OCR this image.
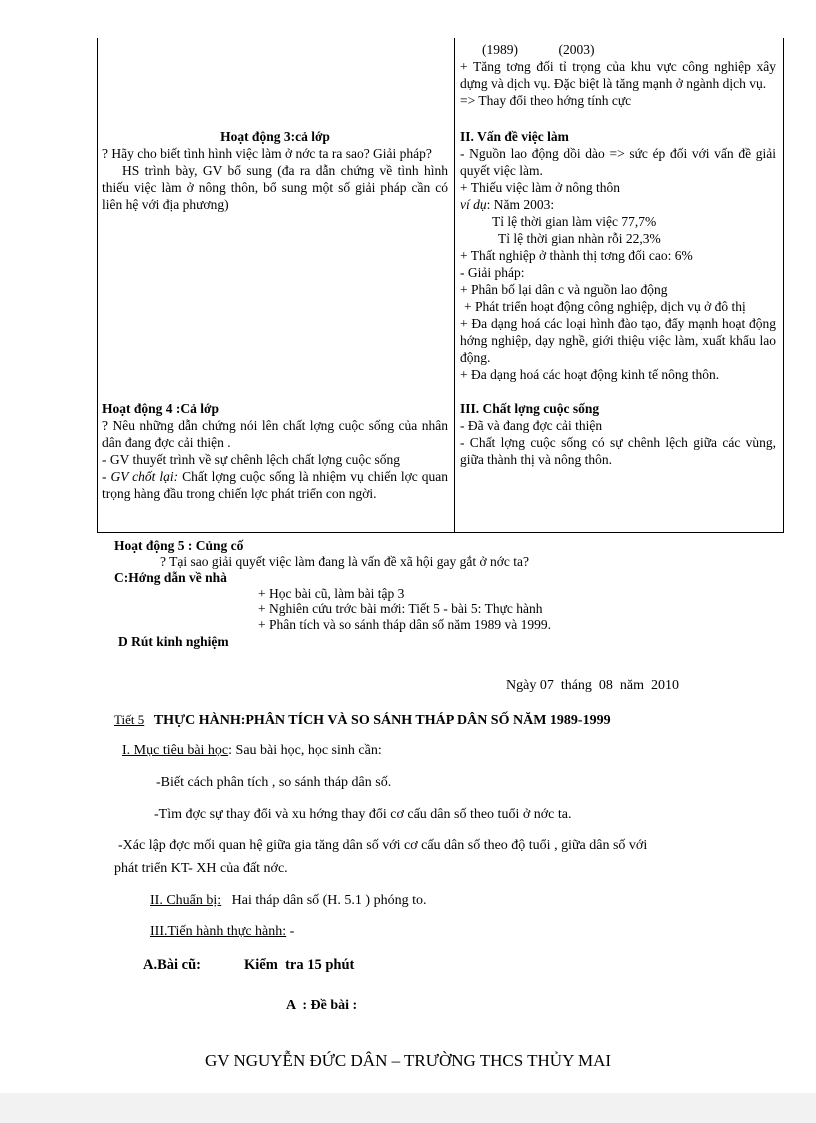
(1989)            (2003)
+ Tăng tơng đối tỉ trọng của khu vực công nghiệp xây dựng và dịch vụ. Đặc biệt là tăng mạnh ở ngành dịch vụ.
=> Thay đổi theo hớng tính cực
Hoạt động 3:cả lớp
? Hãy cho biết tình hình việc làm ở nớc ta ra sao? Giải pháp?
HS trình bày, GV bổ sung (đa ra dẫn chứng về tình hình thiếu việc làm ở nông thôn, bổ sung một số giải pháp cần có liên hệ với địa phương)
II. Vấn đề việc làm
- Nguồn lao động dồi dào => sức ép đối với vấn đề giải quyết việc làm.
+ Thiếu việc làm ở nông thôn
ví dụ: Năm 2003:
Tỉ lệ thời gian làm việc 77,7%
Tỉ lệ thời gian nhàn rỗi 22,3%
+ Thất nghiệp ở thành thị tơng đối cao: 6%
- Giải pháp:
+ Phân bố lại dân c và nguồn lao động
+ Phát triển hoạt động công nghiệp, dịch vụ ở đô thị
+ Đa dạng hoá các loại hình đào tạo, đẩy mạnh hoạt động hớng nghiệp, dạy nghề, giới thiệu việc làm, xuất khẩu lao động.
+ Đa dạng hoá các hoạt động kinh tế nông thôn.
Hoạt động 4 :Cả lớp
? Nêu những dẫn chứng nói lên chất lợng cuộc sống của nhân dân đang đợc cải thiện .
- GV thuyết trình về sự chênh lệch chất lợng cuộc sống
- GV chốt lại: Chất lợng cuộc sống là nhiệm vụ chiến lợc quan trọng hàng đầu trong chiến lợc phát triển con ngời.
III. Chất lợng cuộc sống
- Đã và đang đợc cải thiện
- Chất lợng cuộc sống có sự chênh lệch giữa các vùng, giữa thành thị và nông thôn.
Hoạt động 5 : Củng cố
? Tại sao giải quyết việc làm đang là vấn đề xã hội gay gắt ở nớc ta?
C:Hớng dẫn về nhà
+ Học bài cũ, làm bài tập 3
+ Nghiên cứu trớc bài mới: Tiết 5 - bài 5: Thực hành
+ Phân tích và so sánh tháp dân số năm 1989 và 1999.
D Rút kinh nghiệm
Ngày 07  tháng  08  năm  2010
Tiết 5 THỰC HÀNH:PHÂN TÍCH VÀ SO SÁNH THÁP DÂN SỐ NĂM 1989-1999
I. Mục tiêu bài học: Sau bài học, học sinh cần:
-Biết cách phân tích , so sánh tháp dân số.
-Tìm đợc sự thay đổi và xu hớng thay đổi cơ cấu dân số theo tuổi ở nớc ta.
-Xác lập đợc mối quan hệ giữa gia tăng dân số với cơ cấu dân số theo độ tuổi , giữa dân số với
phát triển KT- XH của đất nớc.
II. Chuẩn bị:   Hai tháp dân số (H. 5.1 ) phóng to.
III.Tiến hành thực hành: -
A.Bài cũ:	Kiểm  tra 15 phút
A  : Đề bài :
GV NGUYỄN ĐỨC DÂN – TRƯỜNG THCS THỦY MAI
